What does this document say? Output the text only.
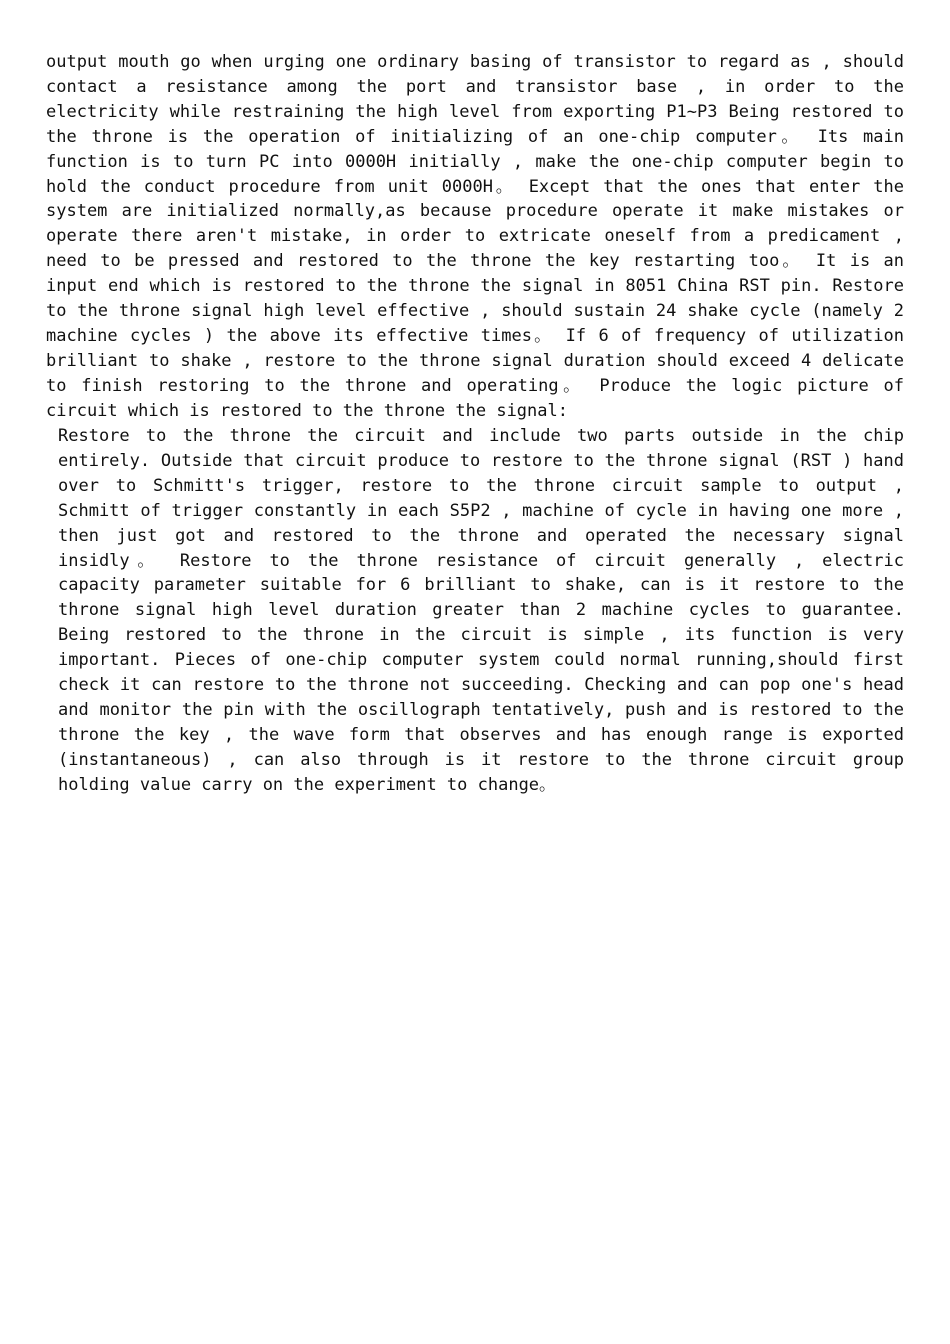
output mouth go when urging one ordinary basing of transistor to regard as , should contact a resistance among the port and transistor base , in order to the electricity while restraining the high level from exporting P1~P3 Being restored to the throne is the operation of initializing of an one-chip computer。 Its main function is to turn PC into 0000H initially , make the one-chip computer begin to hold the conduct procedure from unit 0000H。 Except that the ones that enter the system are initialized normally,as because procedure operate it make mistakes or operate there aren't mistake, in order to extricate oneself from a predicament , need to be pressed and restored to the throne the key restarting too。 It is an input end which is restored to the throne the signal in 8051 China RST pin. Restore to the throne signal high level effective , should sustain 24 shake cycle (namely 2 machine cycles ) the above its effective times。 If 6 of frequency of utilization brilliant to shake , restore to the throne signal duration should exceed 4 delicate to finish restoring to the throne and operating。 Produce the logic picture of circuit which is restored to the throne the signal:

Restore to the throne the circuit and include two parts outside in the chip entirely. Outside that circuit produce to restore to the throne signal (RST ) hand over to Schmitt's trigger, restore to the throne circuit sample to output , Schmitt of trigger constantly in each S5P2 , machine of cycle in having one more , then just got and restored to the throne and operated the necessary signal insidly。 Restore to the throne resistance of circuit generally , electric capacity parameter suitable for 6 brilliant to shake, can is it restore to the throne signal high level duration greater than 2 machine cycles to guarantee. Being restored to the throne in the circuit is simple , its function is very important. Pieces of one-chip computer system could normal running,should first check it can restore to the throne not succeeding. Checking and can pop one's head and monitor the pin with the oscillograph tentatively, push and is restored to the throne the key , the wave form that observes and has enough range is exported (instantaneous) , can also through is it restore to the throne circuit group holding value carry on the experiment to change。
